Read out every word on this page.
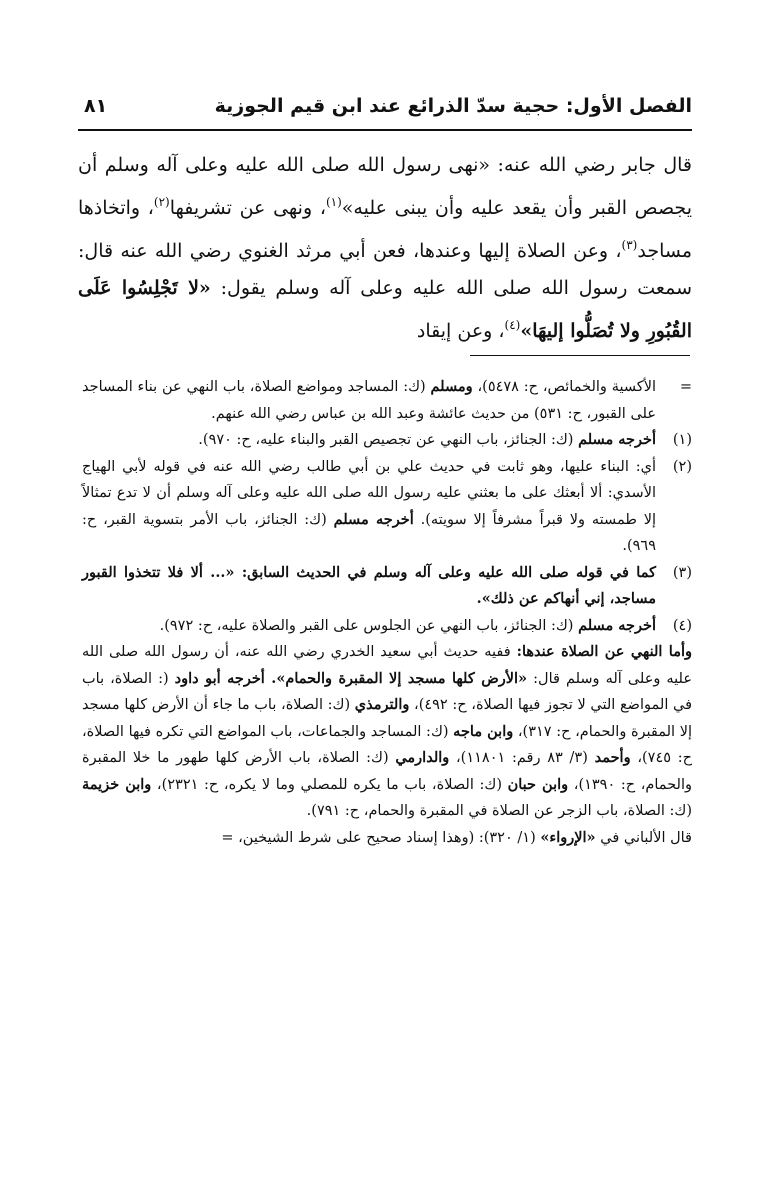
الفصل الأول: حجية سدّ الذرائع عند ابن قيم الجوزية
٨١
قال جابر رضي الله عنه: «نهى رسول الله صلى الله عليه وعلى آله وسلم أن يجصص القبر وأن يقعد عليه وأن يبنى عليه»$^{(١)}$، ونهى عن تشريفها$^{(٢)}$، واتخاذها مساجد$^{(٣)}$، وعن الصلاة إليها وعندها، فعن أبي مرثد الغنوي رضي الله عنه قال: سمعت رسول الله صلى الله عليه وعلى آله وسلم يقول: «لا تَجْلِسُوا عَلَى القُبُورِ ولا تُصَلُّوا إليهَا»$^{(٤)}$، وعن إيقاد
=
الأكسية والخمائص، ح: ٥٤٧٨)، ومسلم (ك: المساجد ومواضع الصلاة، باب النهي عن بناء المساجد على القبور، ح: ٥٣١) من حديث عائشة وعبد الله بن عباس رضي الله عنهم.
(١)
أخرجه مسلم (ك: الجنائز، باب النهي عن تجصيص القبر والبناء عليه، ح: ٩٧٠).
(٢)
أي: البناء عليها، وهو ثابت في حديث علي بن أبي طالب رضي الله عنه في قوله لأبي الهياج الأسدي: ألا أبعثك على ما بعثني عليه رسول الله صلى الله عليه وعلى آله وسلم أن لا تدع تمثالاً إلا طمسته ولا قبراً مشرفاً إلا سويته). أخرجه مسلم (ك: الجنائز، باب الأمر بتسوية القبر، ح: ٩٦٩).
(٣)
كما في قوله صلى الله عليه وعلى آله وسلم في الحديث السابق: «... ألا فلا تتخذوا القبور مساجد، إني أنهاكم عن ذلك».
(٤)
أخرجه مسلم (ك: الجنائز، باب النهي عن الجلوس على القبر والصلاة عليه، ح: ٩٧٢).
وأما النهي عن الصلاة عندها: ففيه حديث أبي سعيد الخدري رضي الله عنه، أن رسول الله صلى الله عليه وعلى آله وسلم قال: «الأرض كلها مسجد إلا المقبرة والحمام». أخرجه أبو داود (: الصلاة، باب في المواضع التي لا تجوز فيها الصلاة، ح: ٤٩٢)، والترمذي (ك: الصلاة، باب ما جاء أن الأرض كلها مسجد إلا المقبرة والحمام، ح: ٣١٧)، وابن ماجه (ك: المساجد والجماعات، باب المواضع التي تكره فيها الصلاة، ح: ٧٤٥)، وأحمد (٣/ ٨٣ رقم: ١١٨٠١)، والدارمي (ك: الصلاة، باب الأرض كلها طهور ما خلا المقبرة والحمام، ح: ١٣٩٠)، وابن حبان (ك: الصلاة، باب ما يكره للمصلي وما لا يكره، ح: ٢٣٢١)، وابن خزيمة (ك: الصلاة، باب الزجر عن الصلاة في المقبرة والحمام، ح: ٧٩١).
قال الألباني في «الإرواء» (١/ ٣٢٠): (وهذا إسناد صحيح على شرط الشيخين، =
